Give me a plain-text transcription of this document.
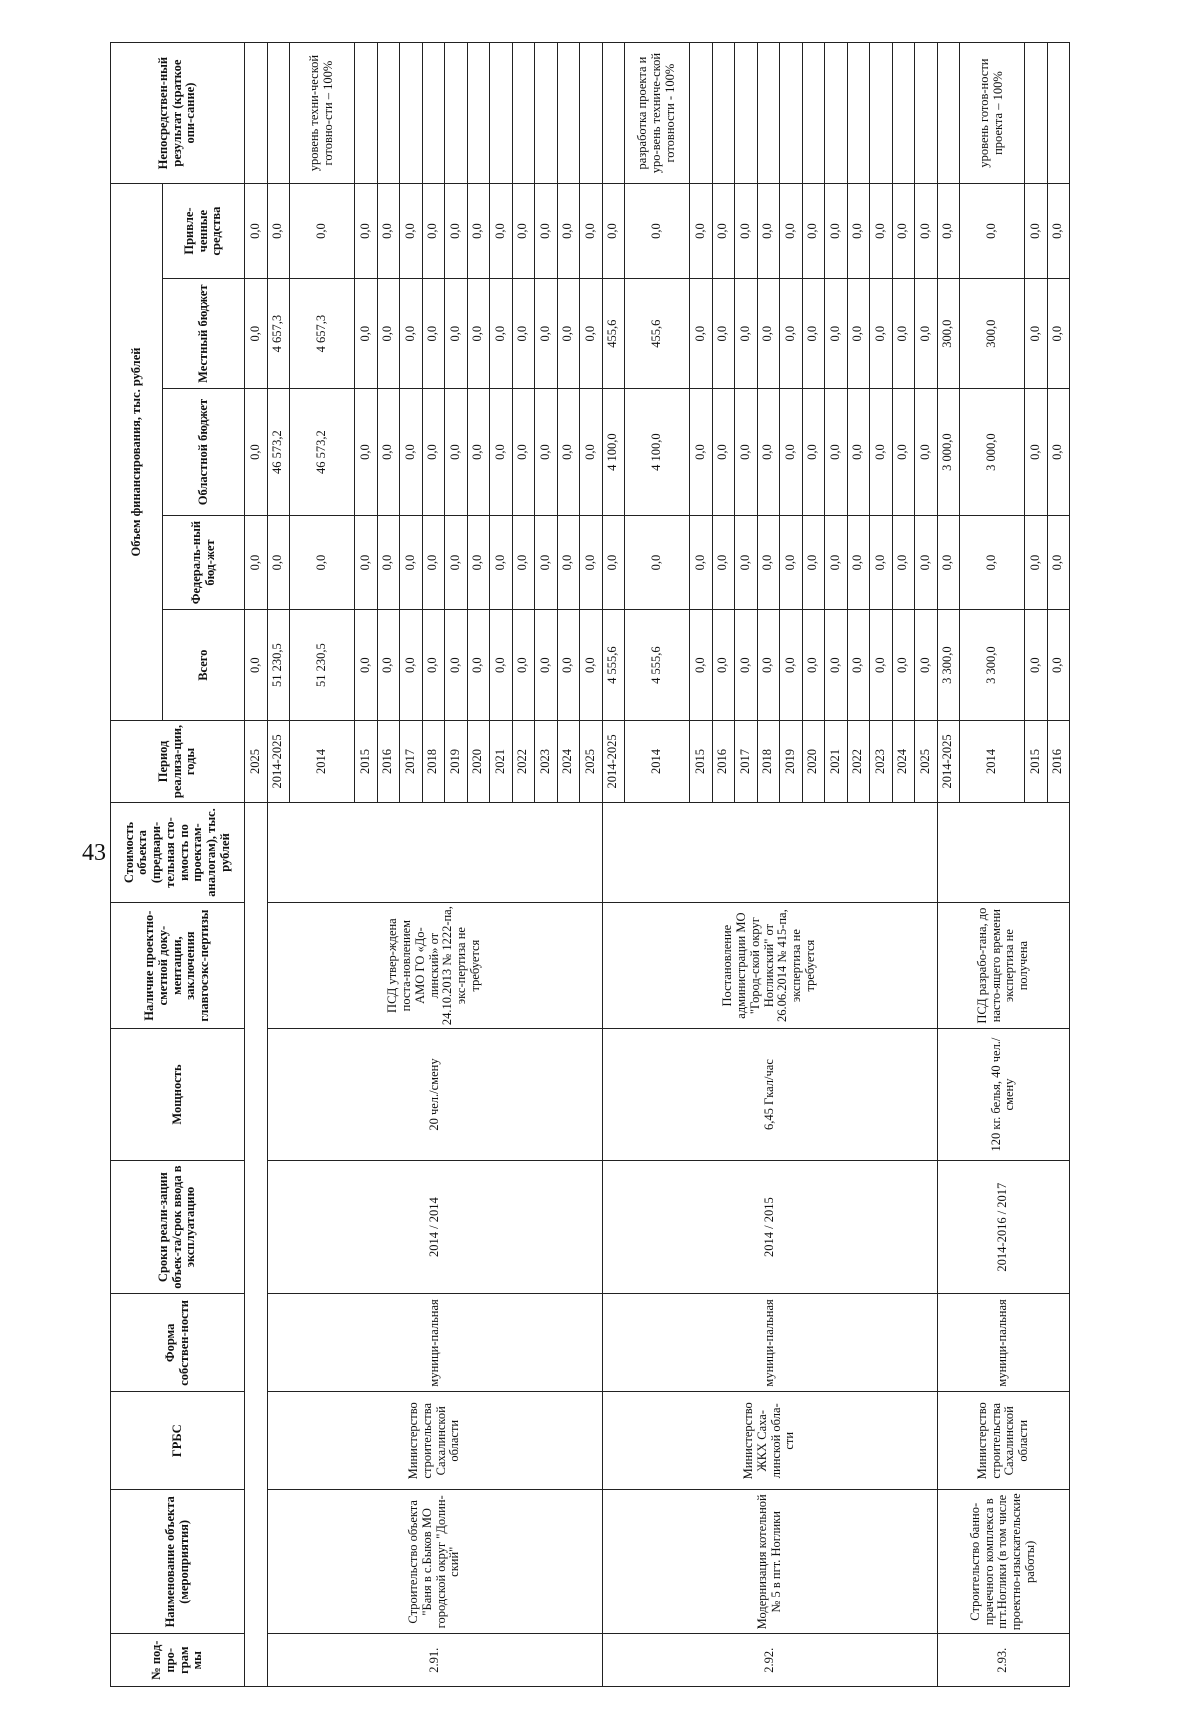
43
№ под-про-грам мы	Наименование объекта (мероприятия)	ГРБС	Форма собствен-ности	Сроки реали-зации объек-та/срок ввода в эксплуатацию	Мощность	Наличие проектно-сметной доку-ментации, заключения главгосэкс-пертизы	Стоимость объекта (предвари-тельная сто-имость по проектам-аналогам), тыс. рублей	Период реализа-ции, годы	Объем финансирования, тыс. рублей					Непосредствен-ный результат (краткое опи-сание)
									Всего	Федераль-ный бюд-жет	Областной бюджет	Местный бюджет	Привле-ченные средства	
								2025	0,0	0,0	0,0	0,0	0,0	
2.91.	Строительство объекта "Баня в с.Быков МО городской округ "Долин-ский"	Министерство строительства Сахалинской области	муници-пальная	2014 / 2014	20 чел./смену	ПСД утвер-ждена поста-новлением АМО ГО «До-линский» от 24.10.2013 № 1222-па, экс-пертиза не требуется		2014-2025	51 230,5	0,0	46 573,2	4 657,3	0,0	
								2014	51 230,5	0,0	46 573,2	4 657,3	0,0	уровень техни-ческой готовно-сти – 100%
								2015	0,0	0,0	0,0	0,0	0,0	
								2016	0,0	0,0	0,0	0,0	0,0	
								2017	0,0	0,0	0,0	0,0	0,0	
								2018	0,0	0,0	0,0	0,0	0,0	
								2019	0,0	0,0	0,0	0,0	0,0	
								2020	0,0	0,0	0,0	0,0	0,0	
								2021	0,0	0,0	0,0	0,0	0,0	
								2022	0,0	0,0	0,0	0,0	0,0	
								2023	0,0	0,0	0,0	0,0	0,0	
								2024	0,0	0,0	0,0	0,0	0,0	
								2025	0,0	0,0	0,0	0,0	0,0	
2.92.	Модернизация котельной № 5 в пгт. Ноглики	Министерство ЖКХ Саха-линской обла-сти	муници-пальная	2014 / 2015	6,45 Гкал/час	Постановление администрации МО "Город-ской округ Ногликский" от 26.06.2014 № 415-па, экспертиза не требуется		2014-2025	4 555,6	0,0	4 100,0	455,6	0,0	
								2014	4 555,6	0,0	4 100,0	455,6	0,0	разработка проекта и уро-вень техниче-ской готовности - 100%
								2015	0,0	0,0	0,0	0,0	0,0	
								2016	0,0	0,0	0,0	0,0	0,0	
								2017	0,0	0,0	0,0	0,0	0,0	
								2018	0,0	0,0	0,0	0,0	0,0	
								2019	0,0	0,0	0,0	0,0	0,0	
								2020	0,0	0,0	0,0	0,0	0,0	
								2021	0,0	0,0	0,0	0,0	0,0	
								2022	0,0	0,0	0,0	0,0	0,0	
								2023	0,0	0,0	0,0	0,0	0,0	
								2024	0,0	0,0	0,0	0,0	0,0	
								2025	0,0	0,0	0,0	0,0	0,0	
2.93.	Строительство банно-прачечного комплекса в пгт.Ноглики (в том числе проектно-изыскательские работы)	Министерство строительства Сахалинской области	муници-пальная	2014-2016 / 2017	120 кг. белья, 40 чел./смену	ПСД разрабо-тана, до насто-ящего времени экспертиза не получена		2014-2025	3 300,0	0,0	3 000,0	300,0	0,0	
								2014	3 300,0	0,0	3 000,0	300,0	0,0	уровень готов-ности проекта – 100%
								2015	0,0	0,0	0,0	0,0	0,0	
								2016	0,0	0,0	0,0	0,0	0,0	
